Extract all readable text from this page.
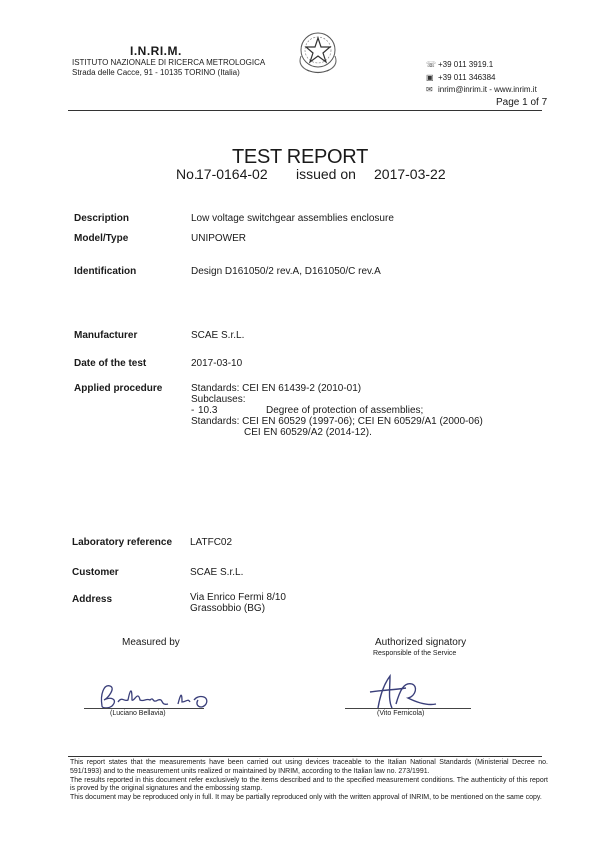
I.N.RI.M.
ISTITUTO NAZIONALE DI RICERCA METROLOGICA
Strada delle Cacce, 91 - 10135 TORINO (Italia)
☏ +39 011 3919.1
▣ +39 011 346384
✉ inrim@inrim.it - www.inrim.it
Page 1 of 7
TEST REPORT
No.
17-0164-02 issued on 2017-03-22
Description	Low voltage switchgear assemblies enclosure
Model/Type	UNIPOWER
Identification	Design D161050/2 rev.A, D161050/C rev.A
Manufacturer	SCAE S.r.L.
Date of the test	2017-03-10
Applied procedure	Standards: CEI EN 61439-2 (2010-01)
Subclauses:
- 10.3	Degree of protection of assemblies;
Standards: CEI EN 60529 (1997-06); CEI EN 60529/A1 (2000-06)
CEI EN 60529/A2 (2014-12).
Laboratory reference LATFC02
Customer	SCAE S.r.L.
Address	Via Enrico Fermi 8/10
Grassobbio (BG)
Measured by	Authorized signatory
Responsible of the Service
(Luciano Bellavia)	(Vito Fernicola)

This report states that the measurements have been carried out using devices traceable to the Italian National Standards (Ministerial Decree no. 591/1993) and to the measurement units realized or maintained by INRIM, according to the Italian law no. 273/1991.

The results reported in this document refer exclusively to the items described and to the specified measurement conditions. The authenticity of this report is proved by the original signatures and the embossing stamp.

This document may be reproduced only in full. It may be partially reproduced only with the written approval of INRIM, to be mentioned on the same copy.
